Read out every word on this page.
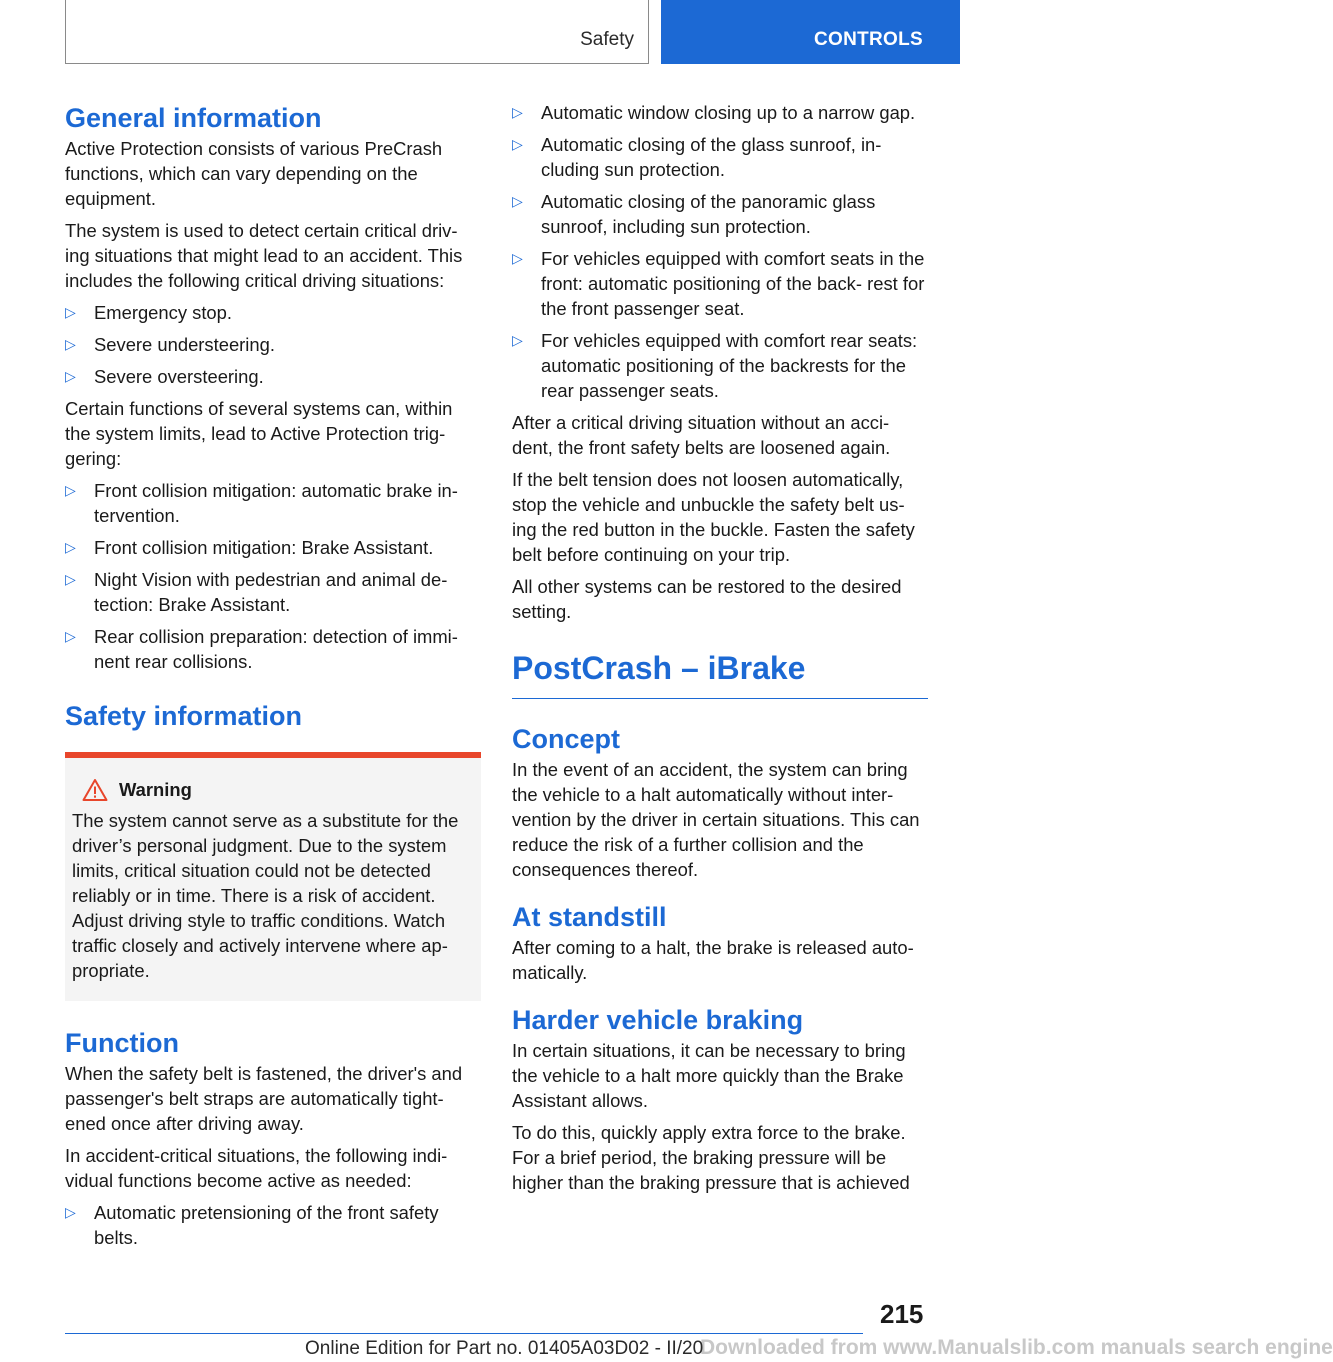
Safety	CONTROLS
General information

Active Protection consists of various PreCrash functions, which can vary depending on the equipment.

The system is used to detect certain critical driv‐ ing situations that might lead to an accident. This includes the following critical driving situations:

▷ Emergency stop.
▷ Severe understeering.
▷ Severe oversteering.

Certain functions of several systems can, within the system limits, lead to Active Protection trig‐ gering:

▷ Front collision mitigation: automatic brake in‐ tervention.
▷ Front collision mitigation: Brake Assistant.
▷ Night Vision with pedestrian and animal de‐ tection: Brake Assistant.
▷ Rear collision preparation: detection of immi‐ nent rear collisions.
Safety information
Warning

The system cannot serve as a substitute for the driver’s personal judgment. Due to the system limits, critical situation could not be detected reliably or in time. There is a risk of accident. Adjust driving style to traffic conditions. Watch traffic closely and actively intervene where ap‐ propriate.

Function

When the safety belt is fastened, the driver's and passenger's belt straps are automatically tight‐ ened once after driving away.

In accident-critical situations, the following indi‐ vidual functions become active as needed:

▷ Automatic pretensioning of the front safety belts.
▷ Automatic window closing up to a narrow gap.
▷ Automatic closing of the glass sunroof, in‐ cluding sun protection.
▷ Automatic closing of the panoramic glass sunroof, including sun protection.
▷ For vehicles equipped with comfort seats in the front: automatic positioning of the back‐ rest for the front passenger seat.
▷ For vehicles equipped with comfort rear seats: automatic positioning of the backrests for the rear passenger seats.

After a critical driving situation without an acci‐ dent, the front safety belts are loosened again.

If the belt tension does not loosen automatically, stop the vehicle and unbuckle the safety belt us‐ ing the red button in the buckle. Fasten the safety belt before continuing on your trip.

All other systems can be restored to the desired setting.

PostCrash – iBrake
Concept

In the event of an accident, the system can bring the vehicle to a halt automatically without inter‐ vention by the driver in certain situations. This can reduce the risk of a further collision and the consequences thereof.

At standstill

After coming to a halt, the brake is released auto‐ matically.

Harder vehicle braking

In certain situations, it can be necessary to bring the vehicle to a halt more quickly than the Brake Assistant allows.

To do this, quickly apply extra force to the brake. For a brief period, the braking pressure will be higher than the braking pressure that is achieved

215
Downloaded from www.Manualslib.com manuals search engine
Online Edition for Part no. 01405A03D02 - II/20
